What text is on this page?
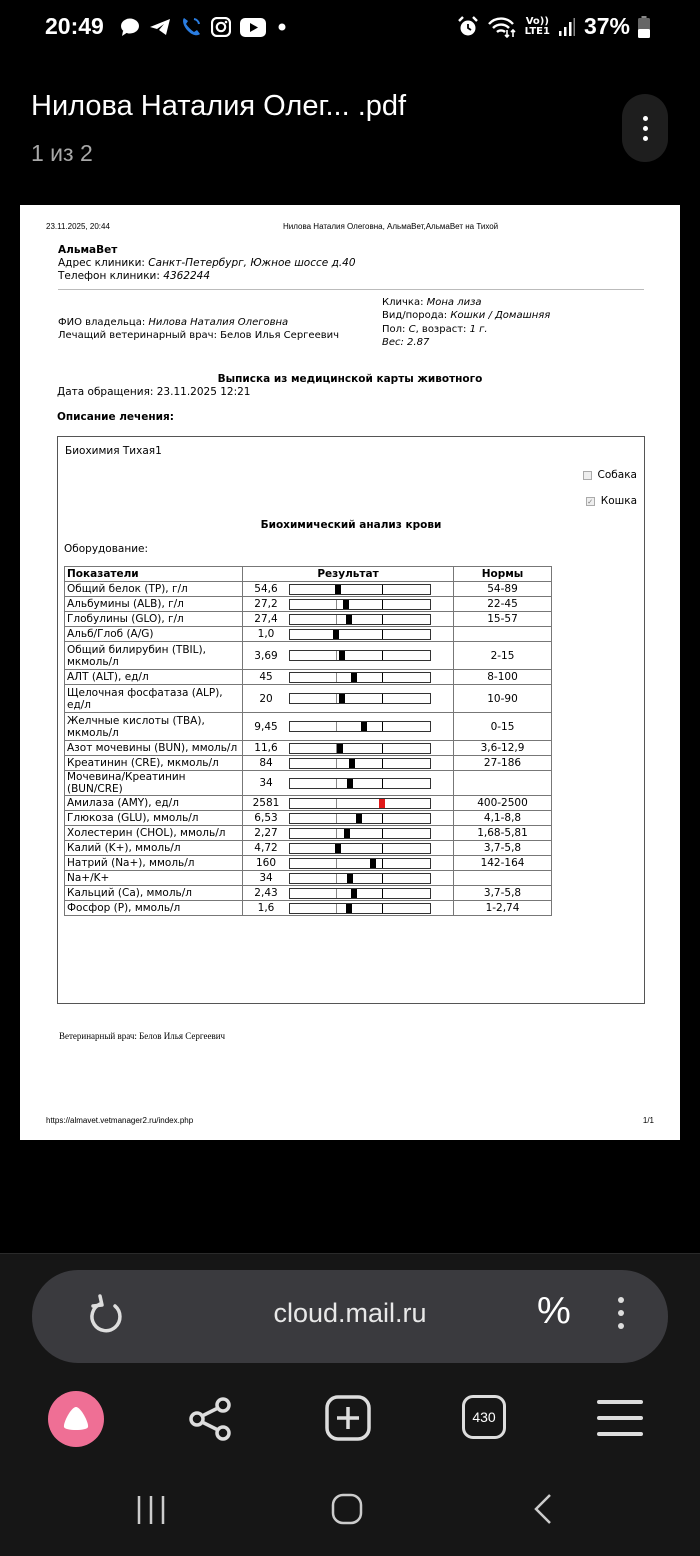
20:49	Vo))
LTE1 37%
Нилова Наталия Олег... .pdf
1 из 2
23.11.2025, 20:44	Нилова Наталия Олеговна, АльмаВет,АльмаВет на Тихой
АльмаВет
Адрес клиники: Санкт-Петербург, Южное шоссе д.40
Телефон клиники: 4362244
ФИО владельца: Нилова Наталия Олеговна
Лечащий ветеринарный врач: Белов Илья Сергеевич
Кличка: Мона лиза
Вид/порода: Кошки / Домашняя
Пол: С, возраст: 1 г.
Вес: 2.87
Выписка из медицинской карты животного
Дата обращения: 23.11.2025 12:21
Описание лечения:
Биохимия Тихая1
Собака
✓ Кошка
Биохимический анализ крови
Оборудование:
Показатели	Результат	Нормы
Общий белок (TP), г/л	54,6	54-89
Альбумины (ALB), г/л	27,2	22-45
Глобулины (GLO), г/л	27,4	15-57
Альб/Глоб (A/G)	1,0	

Общий билирубин (TBIL), мкмоль/л	3,69	2-15
АЛТ (ALT), ед/л	45	8-100
Щелочная фосфатаза (ALP), ед/л	20	10-90
Желчные кислоты (TBA), мкмоль/л	9,45	0-15
Азот мочевины (BUN), ммоль/л	11,6	3,6-12,9
Креатинин (CRE), мкмоль/л	84	27-186
Мочевина/Креатинин (BUN/CRE)	34	

Амилаза (AMY), ед/л	2581	400-2500
Глюкоза (GLU), ммоль/л	6,53	4,1-8,8
Холестерин (CHOL), ммоль/л	2,27	1,68-5,81
Калий (K+), ммоль/л	4,72	3,7-5,8
Натрий (Na+), ммоль/л	160	142-164
Na+/K+	34	

Кальций (Ca), ммоль/л	2,43	3,7-5,8
Фосфор (P), ммоль/л	1,6	1-2,74
Ветеринарный врач: Белов Илья Сергеевич
https://almavet.vetmanager2.ru/index.php	1/1
cloud.mail.ru	%
430
